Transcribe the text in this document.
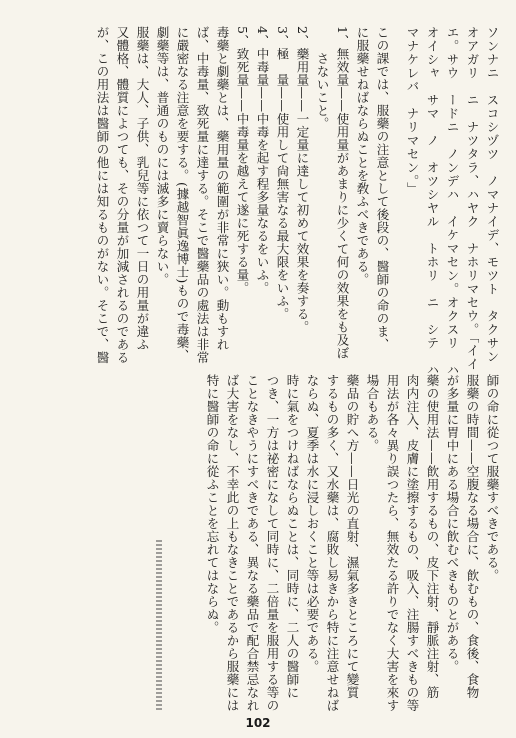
ソンナニ　スコシヅツ　ノマナイデ、モツト　タクサン
オアガリ　ニ　ナツタラ、ハヤク　ナホリマセウ。「イイ
エ。サウ　ードニ　ノンデハ　イケマセン。オクスリ　ハ
オイシャ　サマ　ノ　オツシヤル　トホリ　ニ　シテ　ハ
マナケレバ　ナリマセン。」
この課では、服藥の注意として後段の、醫師の命のま、
に服藥せねばならぬことを敎ふべきである。
1、無效量——使用量があまりに少くて何の效果をも及ぼ
　　さないこと。
2、藥用量——一定量に達して初めて效果を奏する。
3、極　量——使用して尙無害なる最大限をいふ。
4、中毒量——中毒を起す程多量なるをいふ。
5、致死量——中毒量を越えて遂に死する量。
毒藥と劇藥とは、藥用量の範圍が非常に狹い。動もすれ
ば、中毒量、致死量に達する。そこで醫藥品の處法は非常
に嚴密なる注意を要する。(據越智眞逸博士)もので毒藥、
劇藥等は、普通のものには滅多に賣らない。
服藥は、大人、子供、乳兒等に依つて一日の用量が違ふ
又體格、體質によつても、その分量が加減されるのである
が、この用法は醫師の他には知るものがない。そこで、醫
師の命に從つて服藥すべきである。
服藥の時間——空腹なる場合に、飮むもの、食後、食物
が多量に胃中にある場合に飮むべきものとがある。
藥の使用法——飮用するもの、皮下注射、靜脈注射、筋
肉内注入、皮膚に塗擦するもの、吸入、注腸すべきもの等
用法が各々異り誤つたら、無效たる許りでなく大害を來す
場合もある。
藥品の貯へ方——日光の直射、濕氣多きところにて變質
するもの多く、又水藥は、腐敗し易きから特に注意せねば
ならぬ、夏季は水に浸しおくこと等は必要である。
時に氣をつけねばならぬことは、同時に、二人の醫師に
つき、一方は祕密になして同時に、二倍量を服用する等の
ことなきやうにすべきである、異なる藥品で配合禁忌なれ
ば大害をなし、不幸此の上もなきことであるから服藥には
特に醫師の命に從ふことを忘れてはならぬ。
102
